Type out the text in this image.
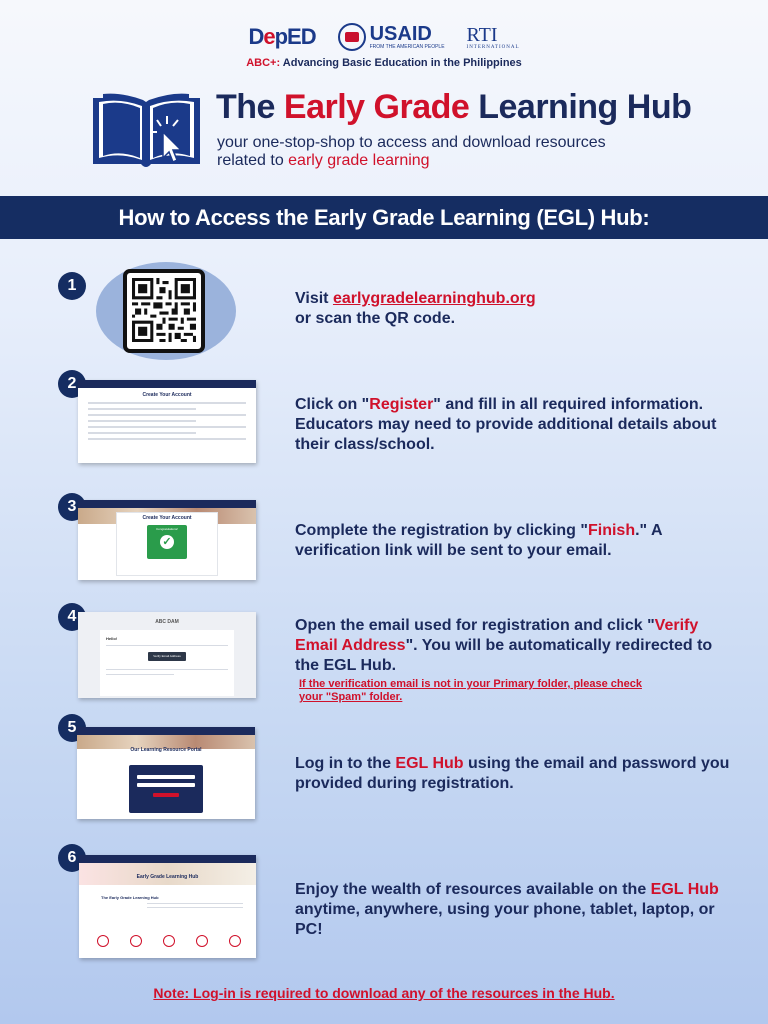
DepED	USAID
FROM THE AMERICAN PEOPLE
RTI
INTERNATIONAL
ABC+: Advancing Basic Education in the Philippines
The Early Grade Learning Hub
your one-stop-shop to access and download resources
related to early grade learning
How to Access the Early Grade Learning (EGL) Hub:
1
Visit earlygradelearninghub.org
or scan the QR code.
2
Create Your Account
Click on "Register" and fill in all required information. Educators may need to provide additional details about their class/school.
3
Create Your Account
Congratulations!
✓
Complete the registration by clicking "Finish." A verification link will be sent to your email.
4	ABC DAM
Hello!
Verify Email Address
Open the email used for registration and click "Verify Email Address". You will be automatically redirected to the EGL Hub.
If the verification email is not in your Primary folder, please check your "Spam" folder.
5
Our Learning Resource Portal
Log in to the EGL Hub using the email and password you provided during registration.
6
Early Grade Learning Hub
The Early Grade Learning Hub	Enjoy the wealth of resources available on the EGL Hub anytime, anywhere, using your phone, tablet, laptop, or PC!
Note: Log-in is required to download any of the resources in the Hub.
